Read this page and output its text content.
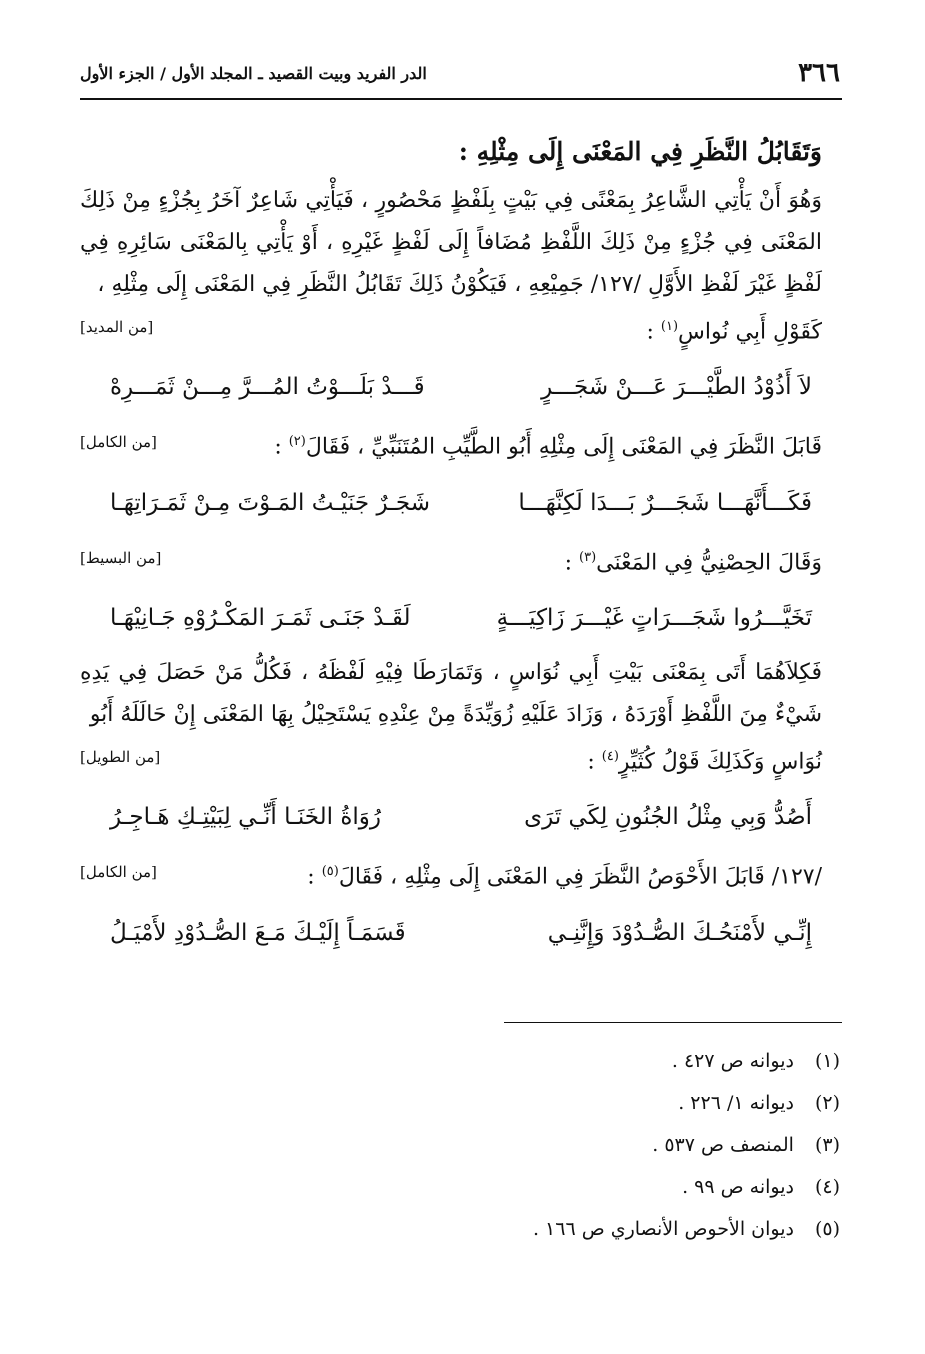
٣٦٦
الدر الفريد وبيت القصيد ـ المجلد الأول / الجزء الأول
وَتَقَابُلُ النَّظَرِ فِي المَعْنَى إِلَى مِثْلِهِ :

وَهُوَ أَنْ يَأْتِي الشَّاعِرُ بِمَعْنًى فِي بَيْتٍ بِلَفْظٍ مَحْصُورٍ ، فَيَأْتِي شَاعِرٌ آخَرُ بِجُزْءٍ مِنْ ذَلِكَ المَعْنَى فِي جُزْءٍ مِنْ ذَلِكَ اللَّفْظِ مُضَافاً إِلَى لَفْظٍ غَيْرِهِ ، أَوْ يَأْتِي بِالمَعْنَى سَائِرِهِ فِي لَفْظٍ غَيْرَ لَفْظِ الأَوَّلِ /١٢٧/ جَمِيْعِهِ ، فَيَكُوْنُ ذَلِكَ تَقَابُلُ النَّظَرِ فِي المَعْنَى إِلَى مِثْلِهِ ،

كَقَوْلِ أَبِي نُواسٍ$^{(١)}$ :
[من المديد]
لاَ أَذُوْدُ الطَّيْـــرَ عَـــنْ شَجَـــرٍ
قَـــدْ بَلَـــوْتُ المُـــرَّ مِـــنْ ثَمَـــرِهْ
قَابَلَ النَّظَرَ فِي المَعْنَى إِلَى مِثْلِهِ أَبُو الطَّيِّبِ المُتَنَبِّيِّ ، فَقَالَ$^{(٢)}$ :
[من الكامل]
فَكَـــأَنَّهَـــا شَجَـــرٌ بَـــدَا لَكِنَّهَـــا
شَجَـرٌ جَنَيْـتُ المَـوْتَ مِـنْ ثَمَـرَاتِهَـا
وَقَالَ الحِصْنِيُّ فِي المَعْنَى$^{(٣)}$ :
[من البسيط]
تَخَيَّـــرُوا شَجَـــرَاتٍ غَيْـــرَ زَاكِيَـــةٍ
لَقَـدْ جَنَـى ثَمَـرَ المَكْـرُوْهِ جَـانِيْهَـا

فَكِلاَهُمَا أَتَى بِمَعْنَى بَيْتِ أَبِي نُوَاسٍ ، وَتَمَارَطَا فِيْهِ لَفْظَهُ ، فَكُلُّ مَنْ حَصَلَ فِي يَدِهِ شَيْءٌ مِنَ اللَّفْظِ أَوْرَدَهُ ، وَزَادَ عَلَيْهِ زُوَيِّدَةً مِنْ عِنْدِهِ يَسْتَحِيْلُ بِهَا المَعْنَى إِنْ حَالَلَهُ أَبُو

نُوَاسٍ وَكَذَلِكَ قَوْلُ كُثَيِّرٍ$^{(٤)}$ :
[من الطويل]
أَصُدُّ وَبِي مِثْلُ الجُنُونِ لِكَي تَرَى
رُوَاةُ الخَنَـا أَنِّـي لِبَيْتِـكِ هَـاجِـرُ
/١٢٧/ قَابَلَ الأَحْوَصُ النَّظَرَ فِي المَعْنَى إِلَى مِثْلِهِ ، فَقَالَ$^{(٥)}$ :
[من الكامل]
إِنِّـي لأَمْنَحُـكَ الصُّـدُوْدَ وَإِنَّنِـي
قَسَمَـاً إِلَيْـكَ مَـعَ الصُّـدُوْدِ لأَمْيَـلُ
(١) ديوانه ص ٤٢٧ .
(٢) ديوانه ١/ ٢٢٦ .
(٣) المنصف ص ٥٣٧ .
(٤) ديوانه ص ٩٩ .
(٥) ديوان الأحوص الأنصاري ص ١٦٦ .
